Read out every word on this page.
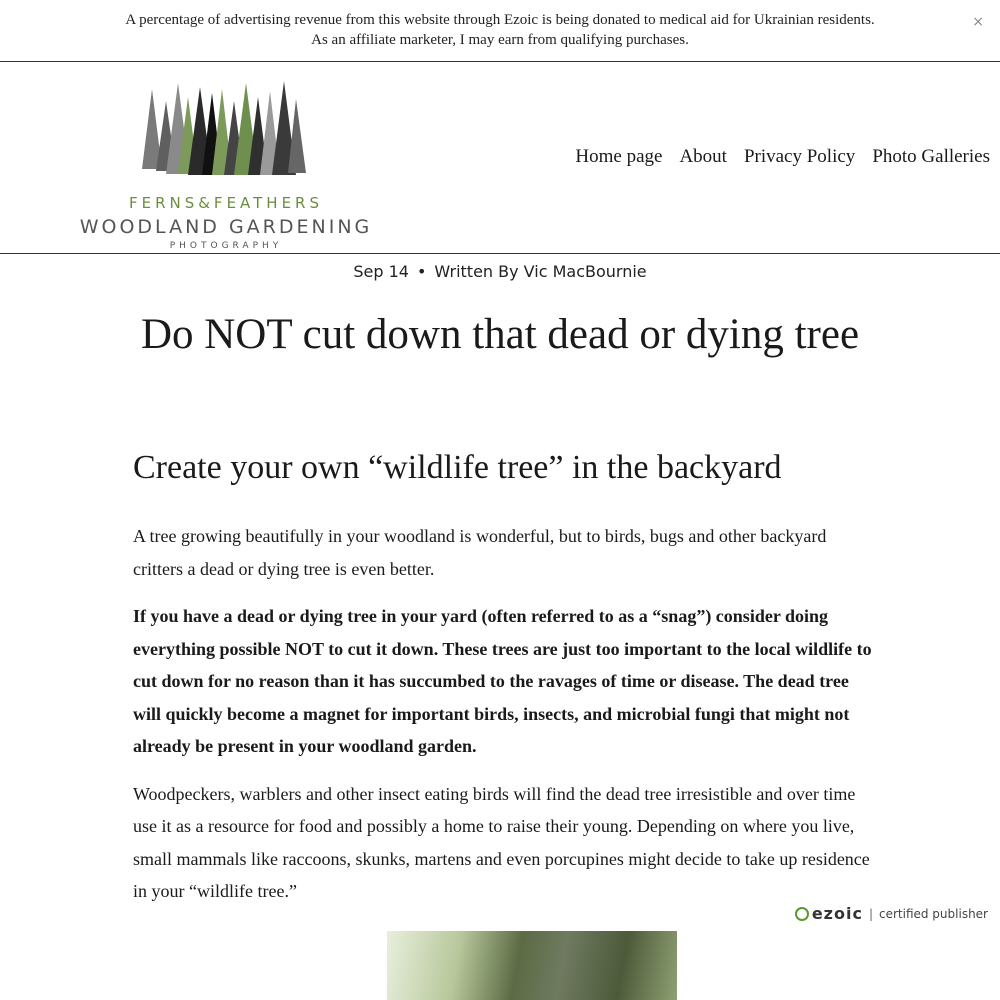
A percentage of advertising revenue from this website through Ezoic is being donated to medical aid for Ukrainian residents.

As an affiliate marketer, I may earn from qualifying purchases.

×
FERNS&FEATHERS
WOODLAND GARDENING
PHOTOGRAPHY
Home page About Privacy Policy Photo Galleries
Sep 14 • Written By Vic MacBournie
Do NOT cut down that dead or dying tree
Create your own “wildlife tree” in the backyard

A tree growing beautifully in your woodland is wonderful, but to birds, bugs and other backyard critters a dead or dying tree is even better.

If you have a dead or dying tree in your yard (often referred to as a “snag”) consider doing everything possible NOT to cut it down. These trees are just too important to the local wildlife to cut down for no reason than it has succumbed to the ravages of time or disease. The dead tree will quickly become a magnet for important birds, insects, and microbial fungi that might not already be present in your woodland garden.

Woodpeckers, warblers and other insect eating birds will find the dead tree irresistible and over time use it as a resource for food and possibly a home to raise their young. Depending on where you live, small mammals like raccoons, skunks, martens and even porcupines might decide to take up residence in your “wildlife tree.”

ezoic | certified publisher
